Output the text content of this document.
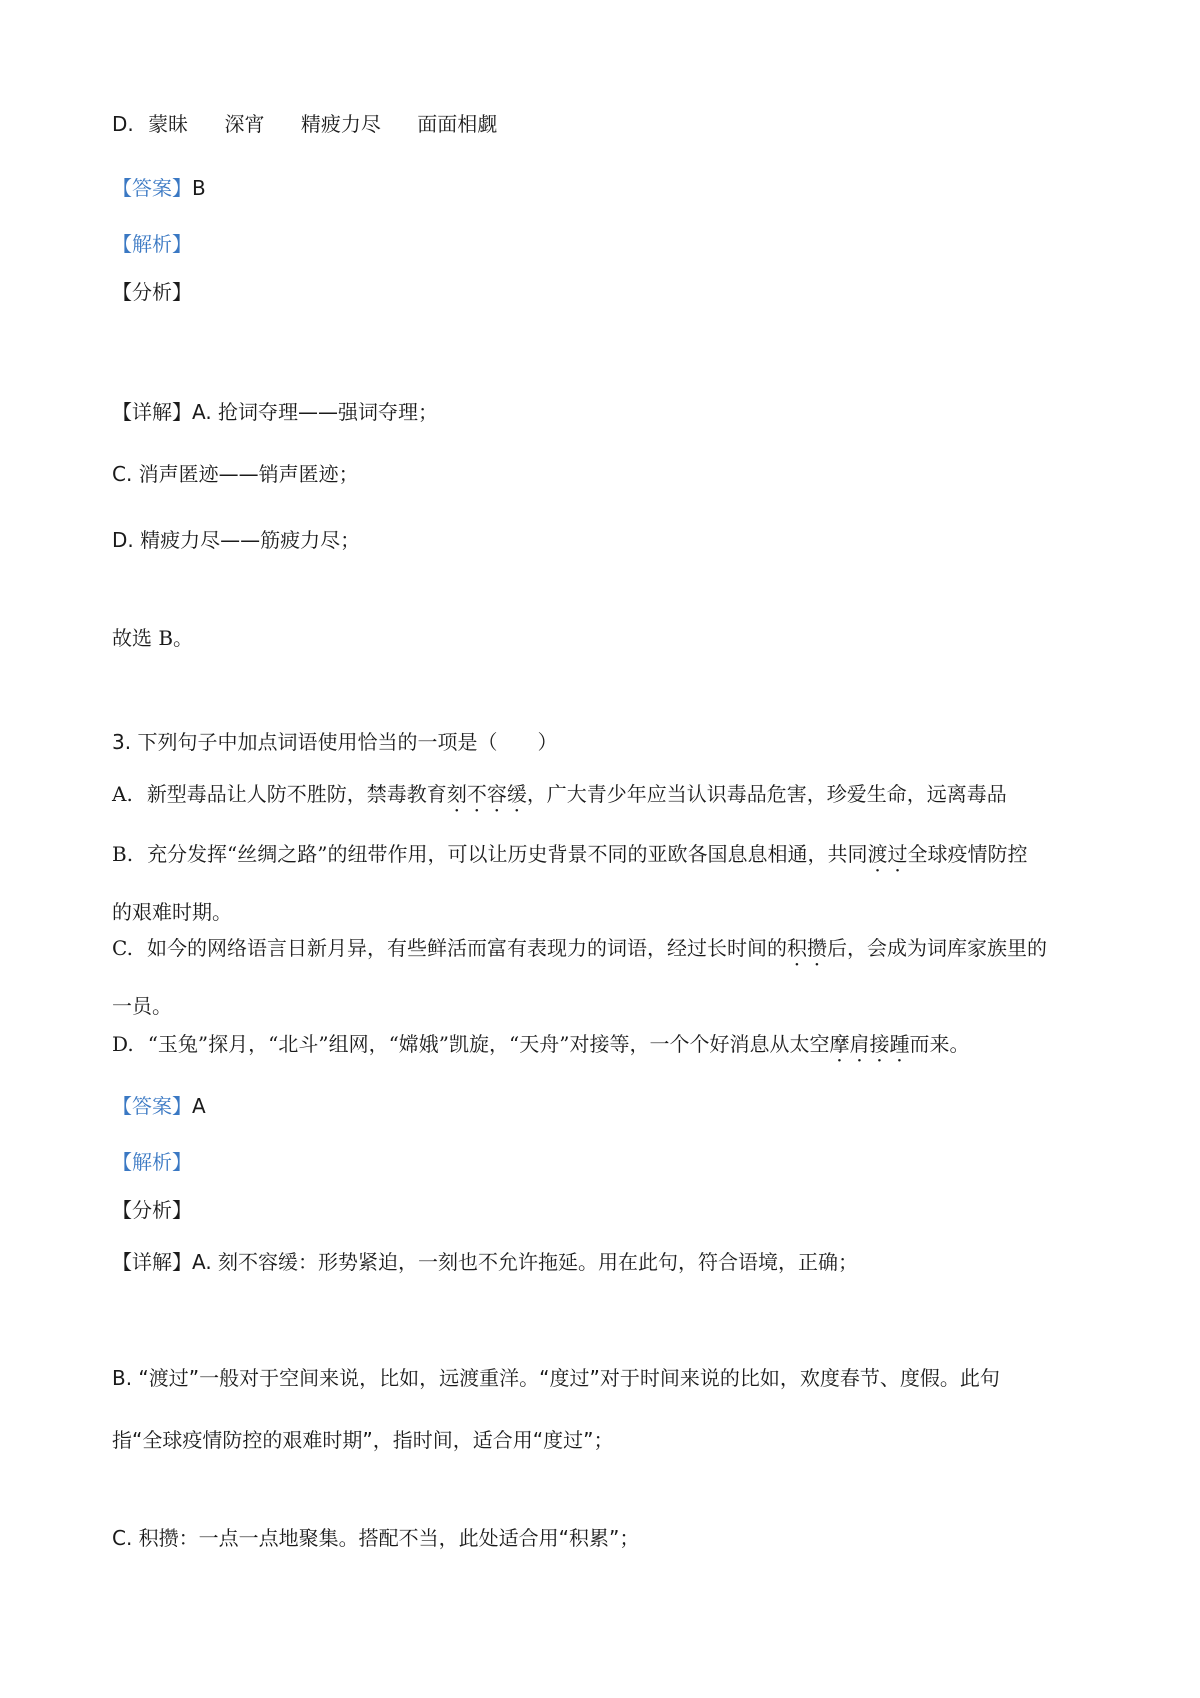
D. 蒙昧 深宵 精疲力尽 面面相觑
【答案】B
【解析】
【分析】
【详解】A. 抢词夺理——强词夺理；
C. 消声匿迹——销声匿迹；
D. 精疲力尽——筋疲力尽；
故选 B。
3. 下列句子中加点词语使用恰当的一项是（　　）
A. 新型毒品让人防不胜防，禁毒教育刻不容缓，广大青少年应当认识毒品危害，珍爱生命，远离毒品
B. 充分发挥“丝绸之路”的纽带作用，可以让历史背景不同的亚欧各国息息相通，共同渡过全球疫情防控
的艰难时期。
C. 如今的网络语言日新月异，有些鲜活而富有表现力的词语，经过长时间的积攒后，会成为词库家族里的
一员。
D. “玉兔”探月，“北斗”组网，“嫦娥”凯旋，“天舟”对接等，一个个好消息从太空摩肩接踵而来。
【答案】A
【解析】
【分析】
【详解】A. 刻不容缓：形势紧迫，一刻也不允许拖延。用在此句，符合语境，正确；
B. “渡过”一般对于空间来说，比如，远渡重洋。“度过”对于时间来说的比如，欢度春节、度假。此句
指“全球疫情防控的艰难时期”，指时间，适合用“度过”；
C. 积攒：一点一点地聚集。搭配不当，此处适合用“积累”；
